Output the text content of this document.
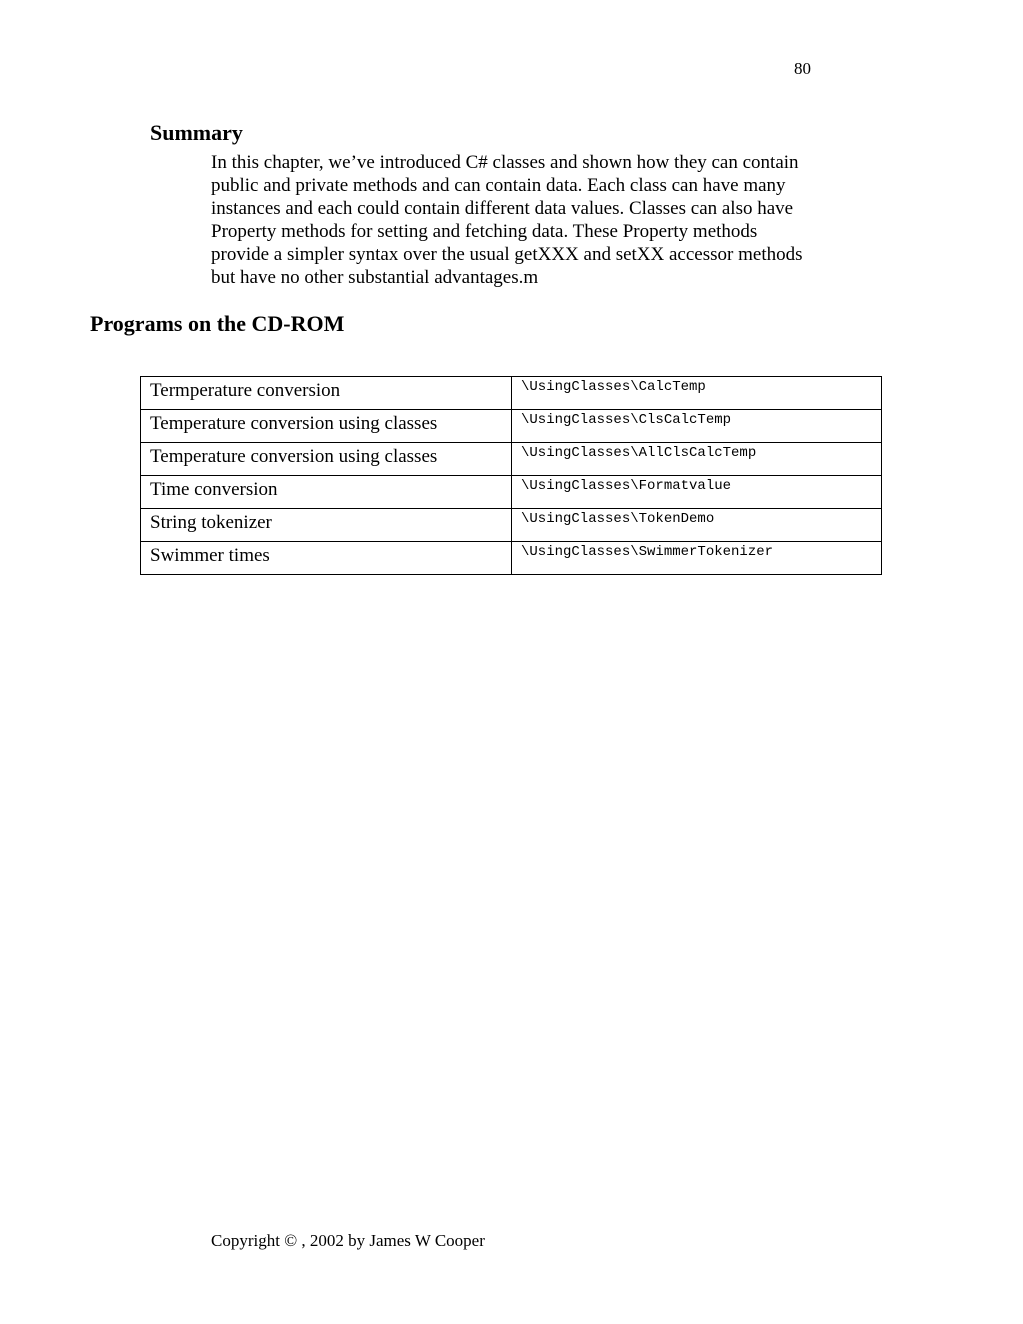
80
Summary

In this chapter, we’ve introduced C# classes and shown how they can contain public and private methods and can contain data. Each class can have many instances and each could contain different data values. Classes can also have Property methods for setting and fetching data. These Property methods provide a simpler syntax over the usual getXXX and setXX accessor methods but have no other substantial advantages.m

Programs on the CD-ROM
Termperature conversion	\UsingClasses\CalcTemp
Temperature conversion using classes	\UsingClasses\ClsCalcTemp
Temperature conversion using classes	\UsingClasses\AllClsCalcTemp
Time conversion	\UsingClasses\Formatvalue
String tokenizer	\UsingClasses\TokenDemo
Swimmer times	\UsingClasses\SwimmerTokenizer
Copyright © , 2002 by James W Cooper
